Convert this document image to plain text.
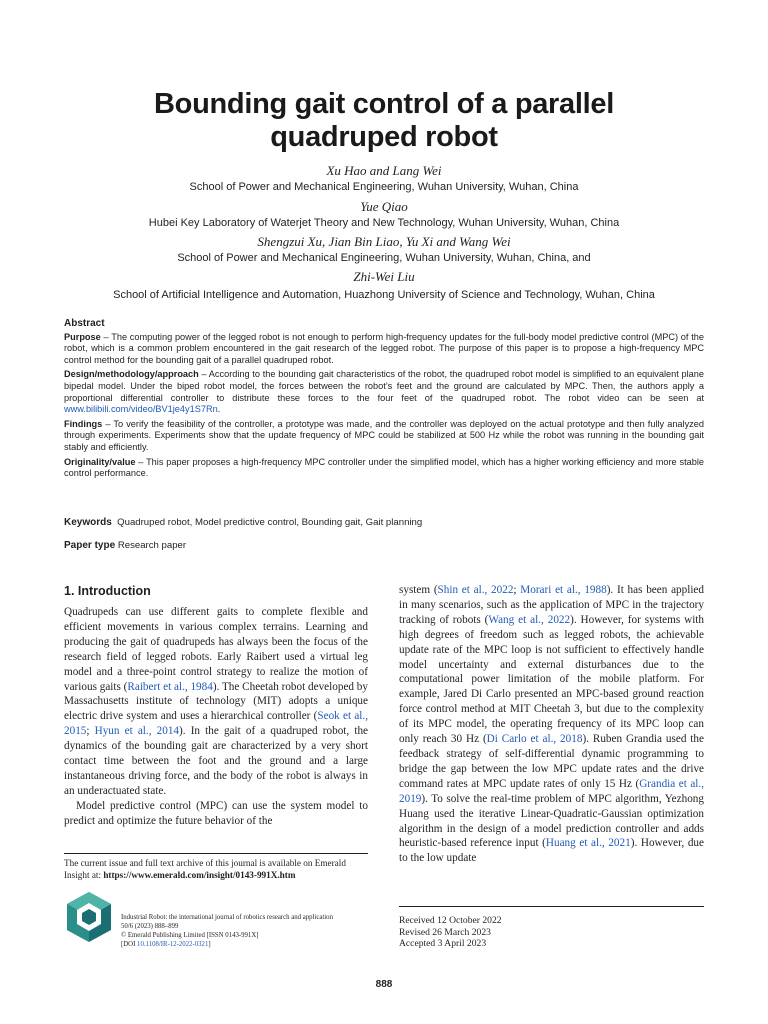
Bounding gait control of a parallel
quadruped robot
Xu Hao and Lang Wei
School of Power and Mechanical Engineering, Wuhan University, Wuhan, China
Yue Qiao
Hubei Key Laboratory of Waterjet Theory and New Technology, Wuhan University, Wuhan, China
Shengzui Xu, Jian Bin Liao, Yu Xi and Wang Wei
School of Power and Mechanical Engineering, Wuhan University, Wuhan, China, and
Zhi-Wei Liu
School of Artificial Intelligence and Automation, Huazhong University of Science and Technology, Wuhan, China
Abstract
Purpose – The computing power of the legged robot is not enough to perform high-frequency updates for the full-body model predictive control (MPC) of the robot, which is a common problem encountered in the gait research of the legged robot. The purpose of this paper is to propose a high-frequency MPC control method for the bounding gait of a parallel quadruped robot.
Design/methodology/approach – According to the bounding gait characteristics of the robot, the quadruped robot model is simplified to an equivalent plane bipedal model. Under the biped robot model, the forces between the robot’s feet and the ground are calculated by MPC. Then, the authors apply a proportional differential controller to distribute these forces to the four feet of the quadruped robot. The robot video can be seen at www.bilibili.com/video/BV1je4y1S7Rn.
Findings – To verify the feasibility of the controller, a prototype was made, and the controller was deployed on the actual prototype and then fully analyzed through experiments. Experiments show that the update frequency of MPC could be stabilized at 500 Hz while the robot was running in the bounding gait stably and efficiently.
Originality/value – This paper proposes a high-frequency MPC controller under the simplified model, which has a higher working efficiency and more stable control performance.
Keywords Quadruped robot, Model predictive control, Bounding gait, Gait planning
Paper type Research paper
1. Introduction

Quadrupeds can use different gaits to complete flexible and efficient movements in various complex terrains. Learning and producing the gait of quadrupeds has always been the focus of the research field of legged robots. Early Raibert used a virtual leg model and a three-point control strategy to realize the motion of various gaits (Raibert et al., 1984). The Cheetah robot developed by Massachusetts institute of technology (MIT) adopts a unique electric drive system and uses a hierarchical controller (Seok et al., 2015; Hyun et al., 2014). In the gait of a quadruped robot, the dynamics of the bounding gait are characterized by a very short contact time between the foot and the ground and a large instantaneous driving force, and the body of the robot is always in an underactuated state.

Model predictive control (MPC) can use the system model to predict and optimize the future behavior of the

The current issue and full text archive of this journal is available on Emerald Insight at: https://www.emerald.com/insight/0143-991X.htm
Industrial Robot: the international journal of robotics research and application
50/6 (2023) 888–899
© Emerald Publishing Limited [ISSN 0143-991X]
[DOI 10.1108/IR-12-2022-0321]

system (Shin et al., 2022; Morari et al., 1988). It has been applied in many scenarios, such as the application of MPC in the trajectory tracking of robots (Wang et al., 2022). However, for systems with high degrees of freedom such as legged robots, the achievable update rate of the MPC loop is not sufficient to effectively handle model uncertainty and external disturbances due to the computational power limitation of the mobile platform. For example, Jared Di Carlo presented an MPC-based ground reaction force control method at MIT Cheetah 3, but due to the complexity of its MPC model, the operating frequency of its MPC loop can only reach 30 Hz (Di Carlo et al., 2018). Ruben Grandia used the feedback strategy of self-differential dynamic programming to bridge the gap between the low MPC update rates and the drive command rates at MPC update rates of only 15 Hz (Grandia et al., 2019). To solve the real-time problem of MPC algorithm, Yezhong Huang used the iterative Linear-Quadratic-Gaussian optimization algorithm in the design of a model prediction controller and adds heuristic-based reference input (Huang et al., 2021). However, due to the low update

Received 12 October 2022
Revised 26 March 2023
Accepted 3 April 2023
888
